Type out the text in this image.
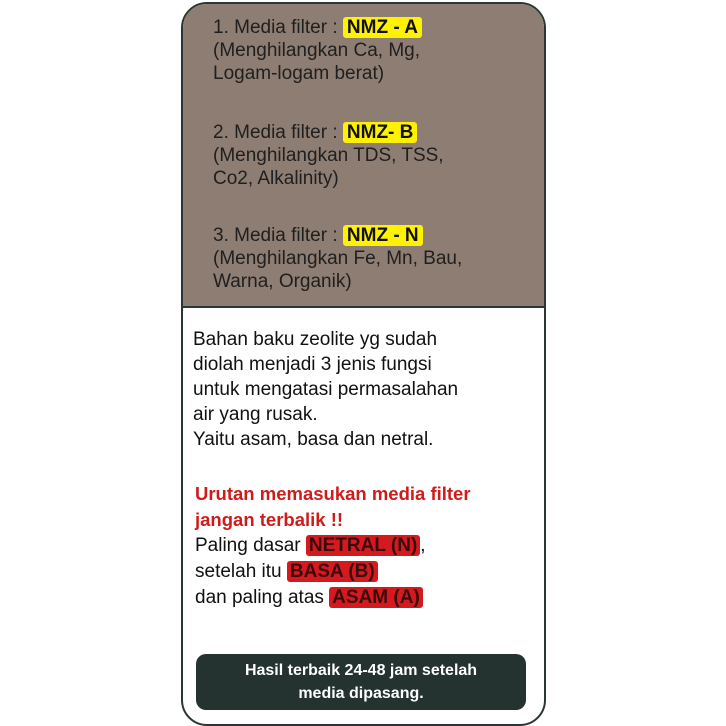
1. Media filter : NMZ - A
(Menghilangkan Ca, Mg,
Logam-logam berat)
2. Media filter : NMZ- B
(Menghilangkan TDS, TSS,
Co2, Alkalinity)
3. Media filter : NMZ - N
(Menghilangkan Fe, Mn, Bau,
Warna, Organik)
Bahan baku zeolite yg sudah
diolah menjadi 3 jenis fungsi
untuk mengatasi permasalahan
air yang rusak.
Yaitu asam, basa dan netral.
Urutan memasukan media filter
jangan terbalik !!
Paling dasar NETRAL (N) ,
setelah itu BASA (B)
dan paling atas ASAM (A)
Hasil terbaik 24-48 jam setelah
media dipasang.
